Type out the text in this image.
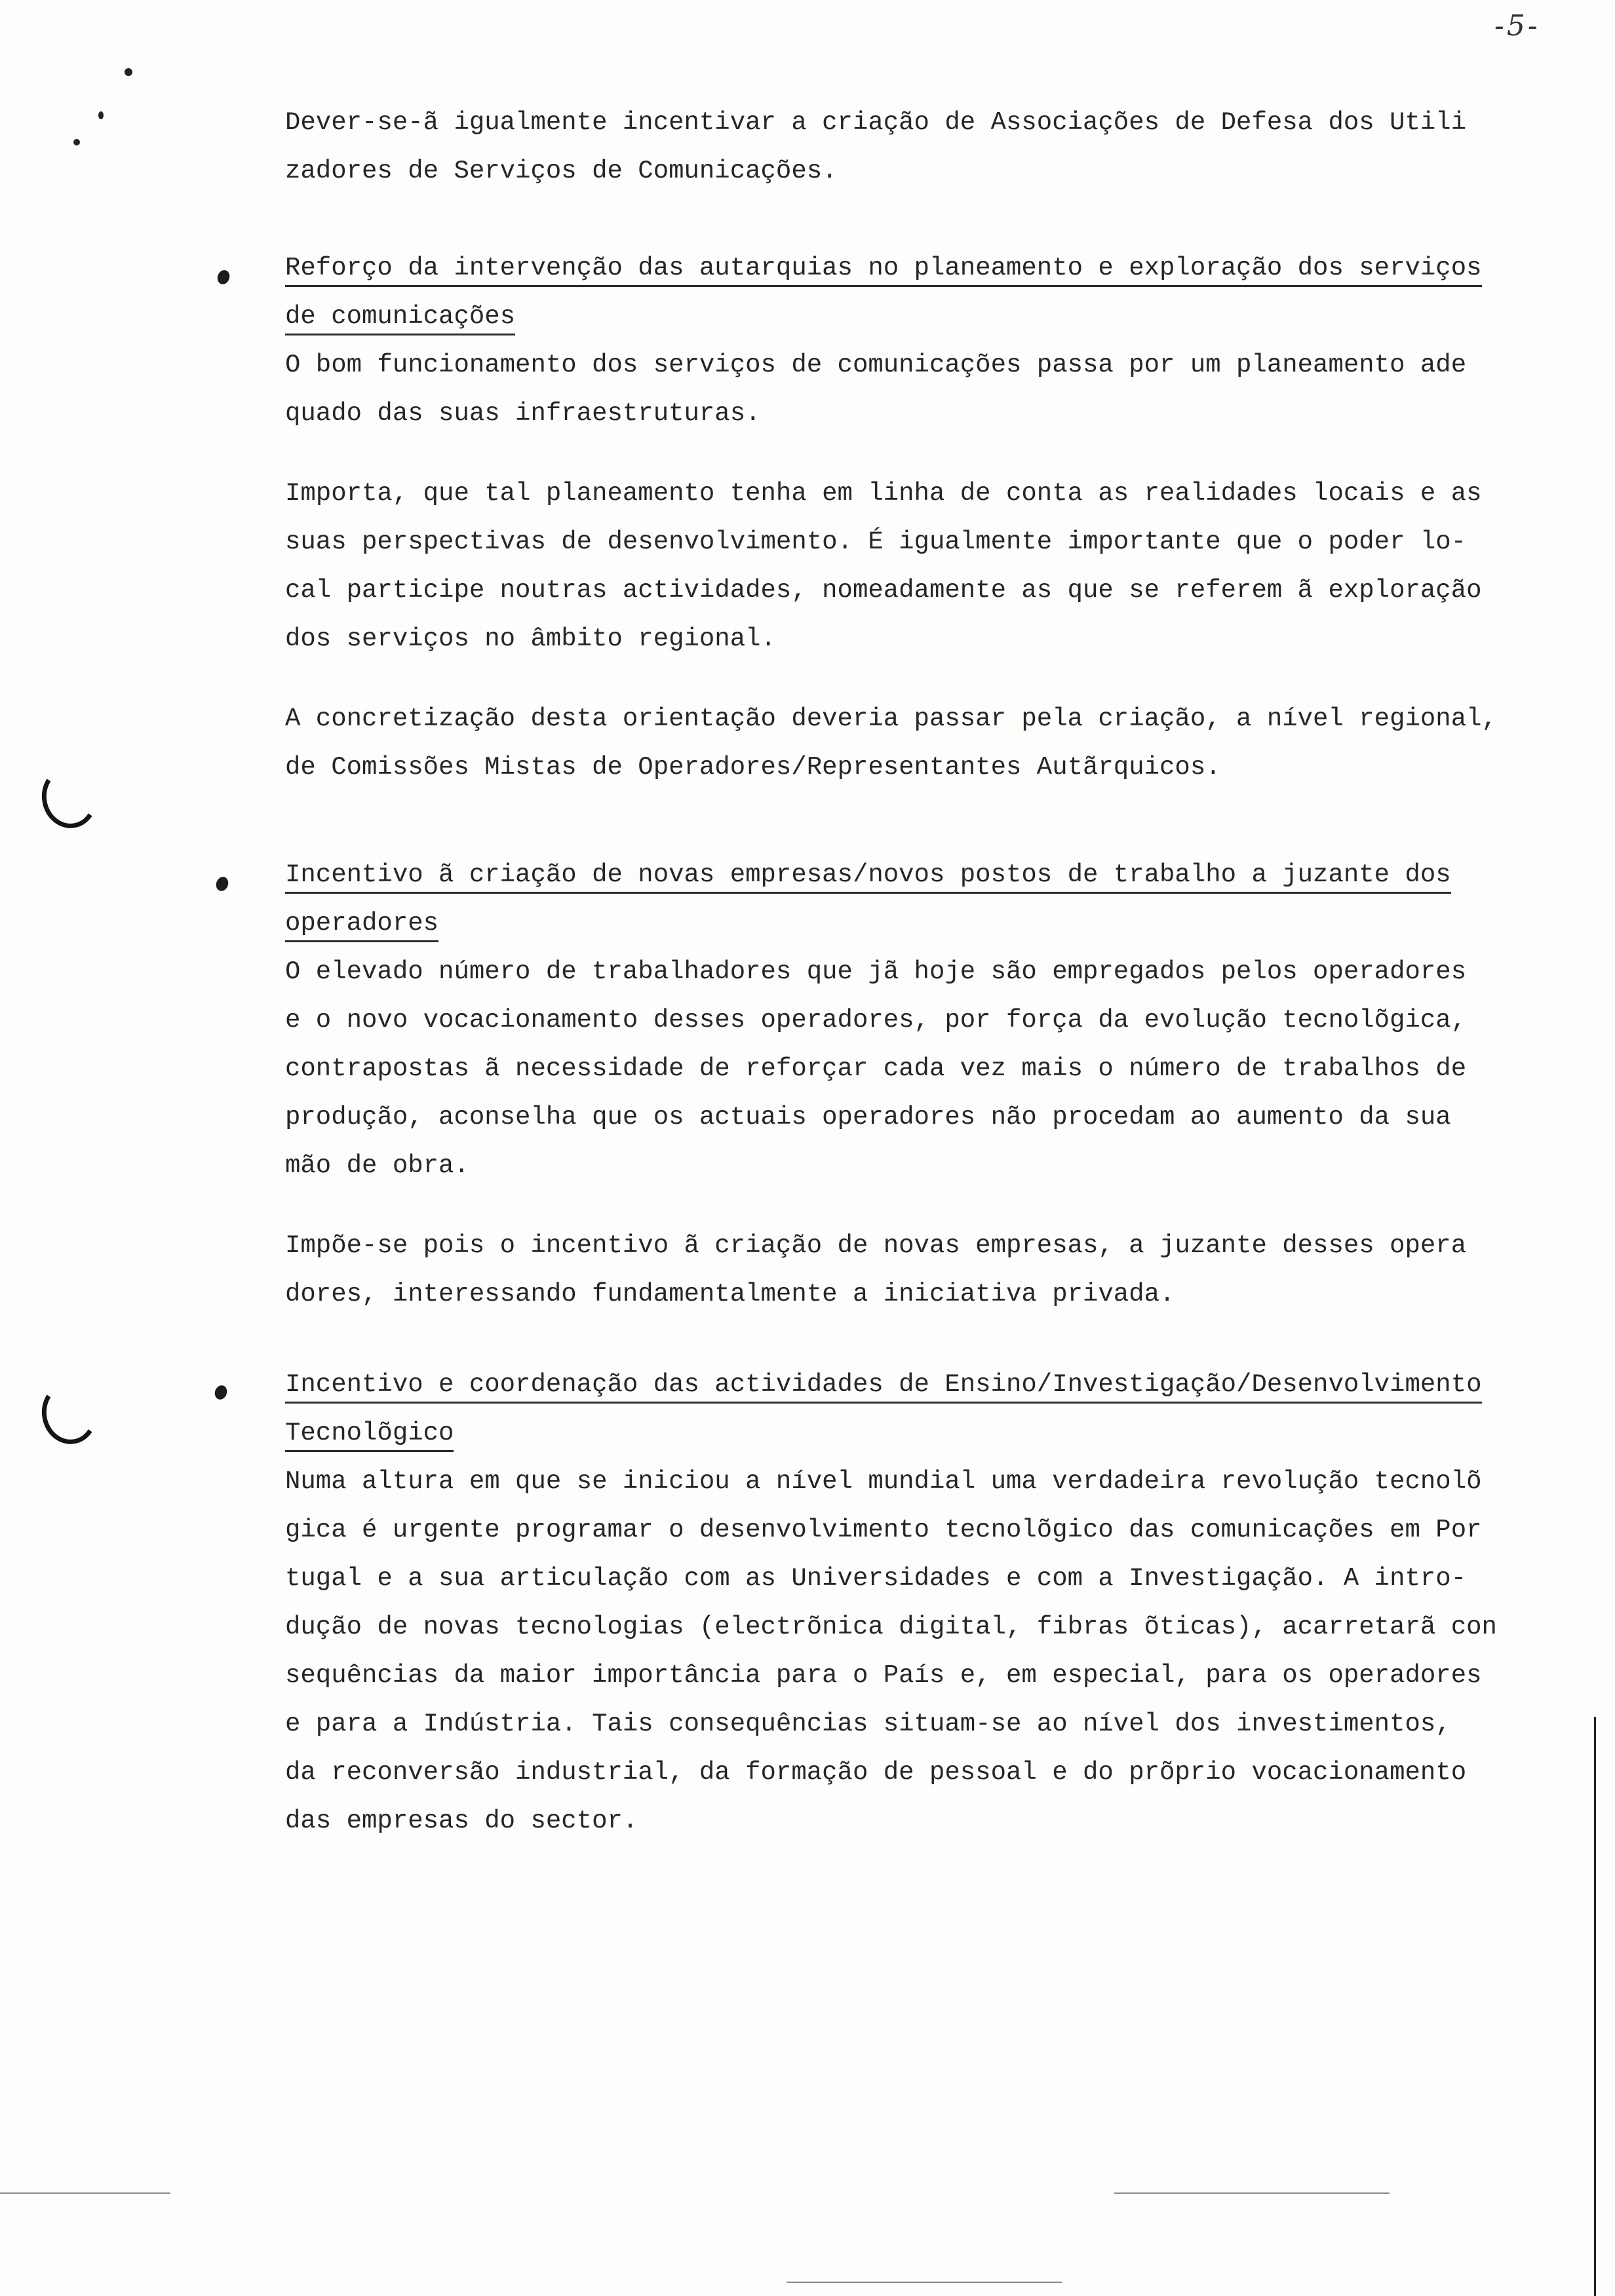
-5-

Dever-se-ã igualmente incentivar a criação de Associações de Defesa dos Utili

zadores de Serviços de Comunicações.

Reforço da intervenção das autarquias no planeamento e exploração dos serviços

de comunicações

O bom funcionamento dos serviços de comunicações passa por um planeamento ade

quado das suas infraestruturas.

Importa, que tal planeamento tenha em linha de conta as realidades locais e as

suas perspectivas de desenvolvimento. É igualmente importante que o poder lo-

cal participe noutras actividades, nomeadamente as que se referem ã exploração

dos serviços no âmbito regional.

A concretização desta orientação deveria passar pela criação, a nível regional,

de Comissões Mistas de Operadores/Representantes Autãrquicos.

Incentivo ã criação de novas empresas/novos postos de trabalho a juzante dos

operadores

O elevado número de trabalhadores que jã hoje são empregados pelos operadores

e o novo vocacionamento desses operadores, por força da evolução tecnolõgica,

contrapostas ã necessidade de reforçar cada vez mais o número de trabalhos de

produção, aconselha que os actuais operadores não procedam ao aumento da sua

mão de obra.

Impõe-se pois o incentivo ã criação de novas empresas, a juzante desses opera

dores, interessando fundamentalmente a iniciativa privada.

Incentivo e coordenação das actividades de Ensino/Investigação/Desenvolvimento

Tecnolõgico

Numa altura em que se iniciou a nível mundial uma verdadeira revolução tecnolõ

gica é urgente programar o desenvolvimento tecnolõgico das comunicações em Por

tugal e a sua articulação com as Universidades e com a Investigação. A intro-

dução de novas tecnologias (electrõnica digital, fibras õticas), acarretarã con

sequências da maior importância para o País e, em especial, para os operadores

e para a Indústria. Tais consequências situam-se ao nível dos investimentos,

da reconversão industrial, da formação de pessoal e do prõprio vocacionamento

das empresas do sector.
